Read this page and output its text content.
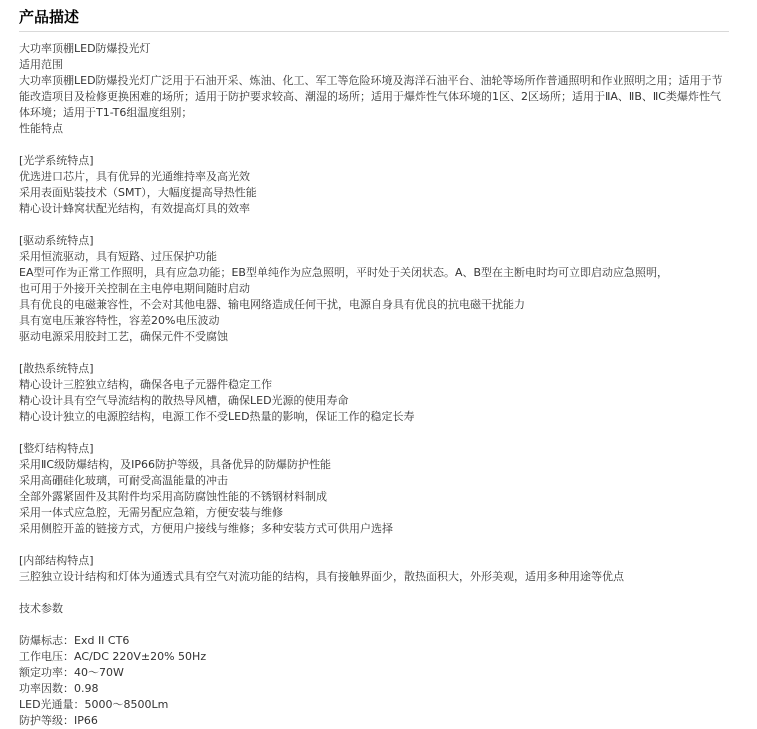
产品描述
大功率顶棚LED防爆投光灯
适用范围
大功率顶棚LED防爆投光灯广泛用于石油开采、炼油、化工、军工等危险环境及海洋石油平台、油轮等场所作普通照明和作业照明之用；适用于节能改造项目及检修更换困难的场所；适用于防护要求较高、潮湿的场所；适用于爆炸性气体环境的1区、2区场所；适用于ⅡA、ⅡB、ⅡC类爆炸性气体环境；适用于T1-T6组温度组别；
性能特点
[光学系统特点]
优选进口芯片，具有优异的光通维持率及高光效
采用表面贴装技术（SMT），大幅度提高导热性能
精心设计蜂窝状配光结构，有效提高灯具的效率
[驱动系统特点]
采用恒流驱动，具有短路、过压保护功能
EA型可作为正常工作照明，具有应急功能；EB型单纯作为应急照明，平时处于关闭状态。A、B型在主断电时均可立即启动应急照明，
也可用于外接开关控制在主电停电期间随时启动
具有优良的电磁兼容性，不会对其他电器、输电网络造成任何干扰，电源自身具有优良的抗电磁干扰能力
具有宽电压兼容特性，容差20%电压波动
驱动电源采用胶封工艺，确保元件不受腐蚀
[散热系统特点]
精心设计三腔独立结构，确保各电子元器件稳定工作
精心设计具有空气导流结构的散热导风槽，确保LED光源的使用寿命
精心设计独立的电源腔结构，电源工作不受LED热量的影响，保证工作的稳定长寿
[整灯结构特点]
采用ⅡC级防爆结构，及IP66防护等级，具备优异的防爆防护性能
采用高硼硅化玻璃，可耐受高温能量的冲击
全部外露紧固件及其附件均采用高防腐蚀性能的不锈钢材料制成
采用一体式应急腔，无需另配应急箱，方便安装与维修
采用侧腔开盖的链接方式，方便用户接线与维修；多种安装方式可供用户选择
[内部结构特点]
三腔独立设计结构和灯体为通透式具有空气对流功能的结构，具有接触界面少，散热面积大，外形美观，适用多种用途等优点
技术参数
防爆标志：Exd II CT6
工作电压：AC/DC 220V±20% 50Hz
额定功率：40～70W
功率因数：0.98
LED光通量：5000～8500Lm
防护等级：IP66
